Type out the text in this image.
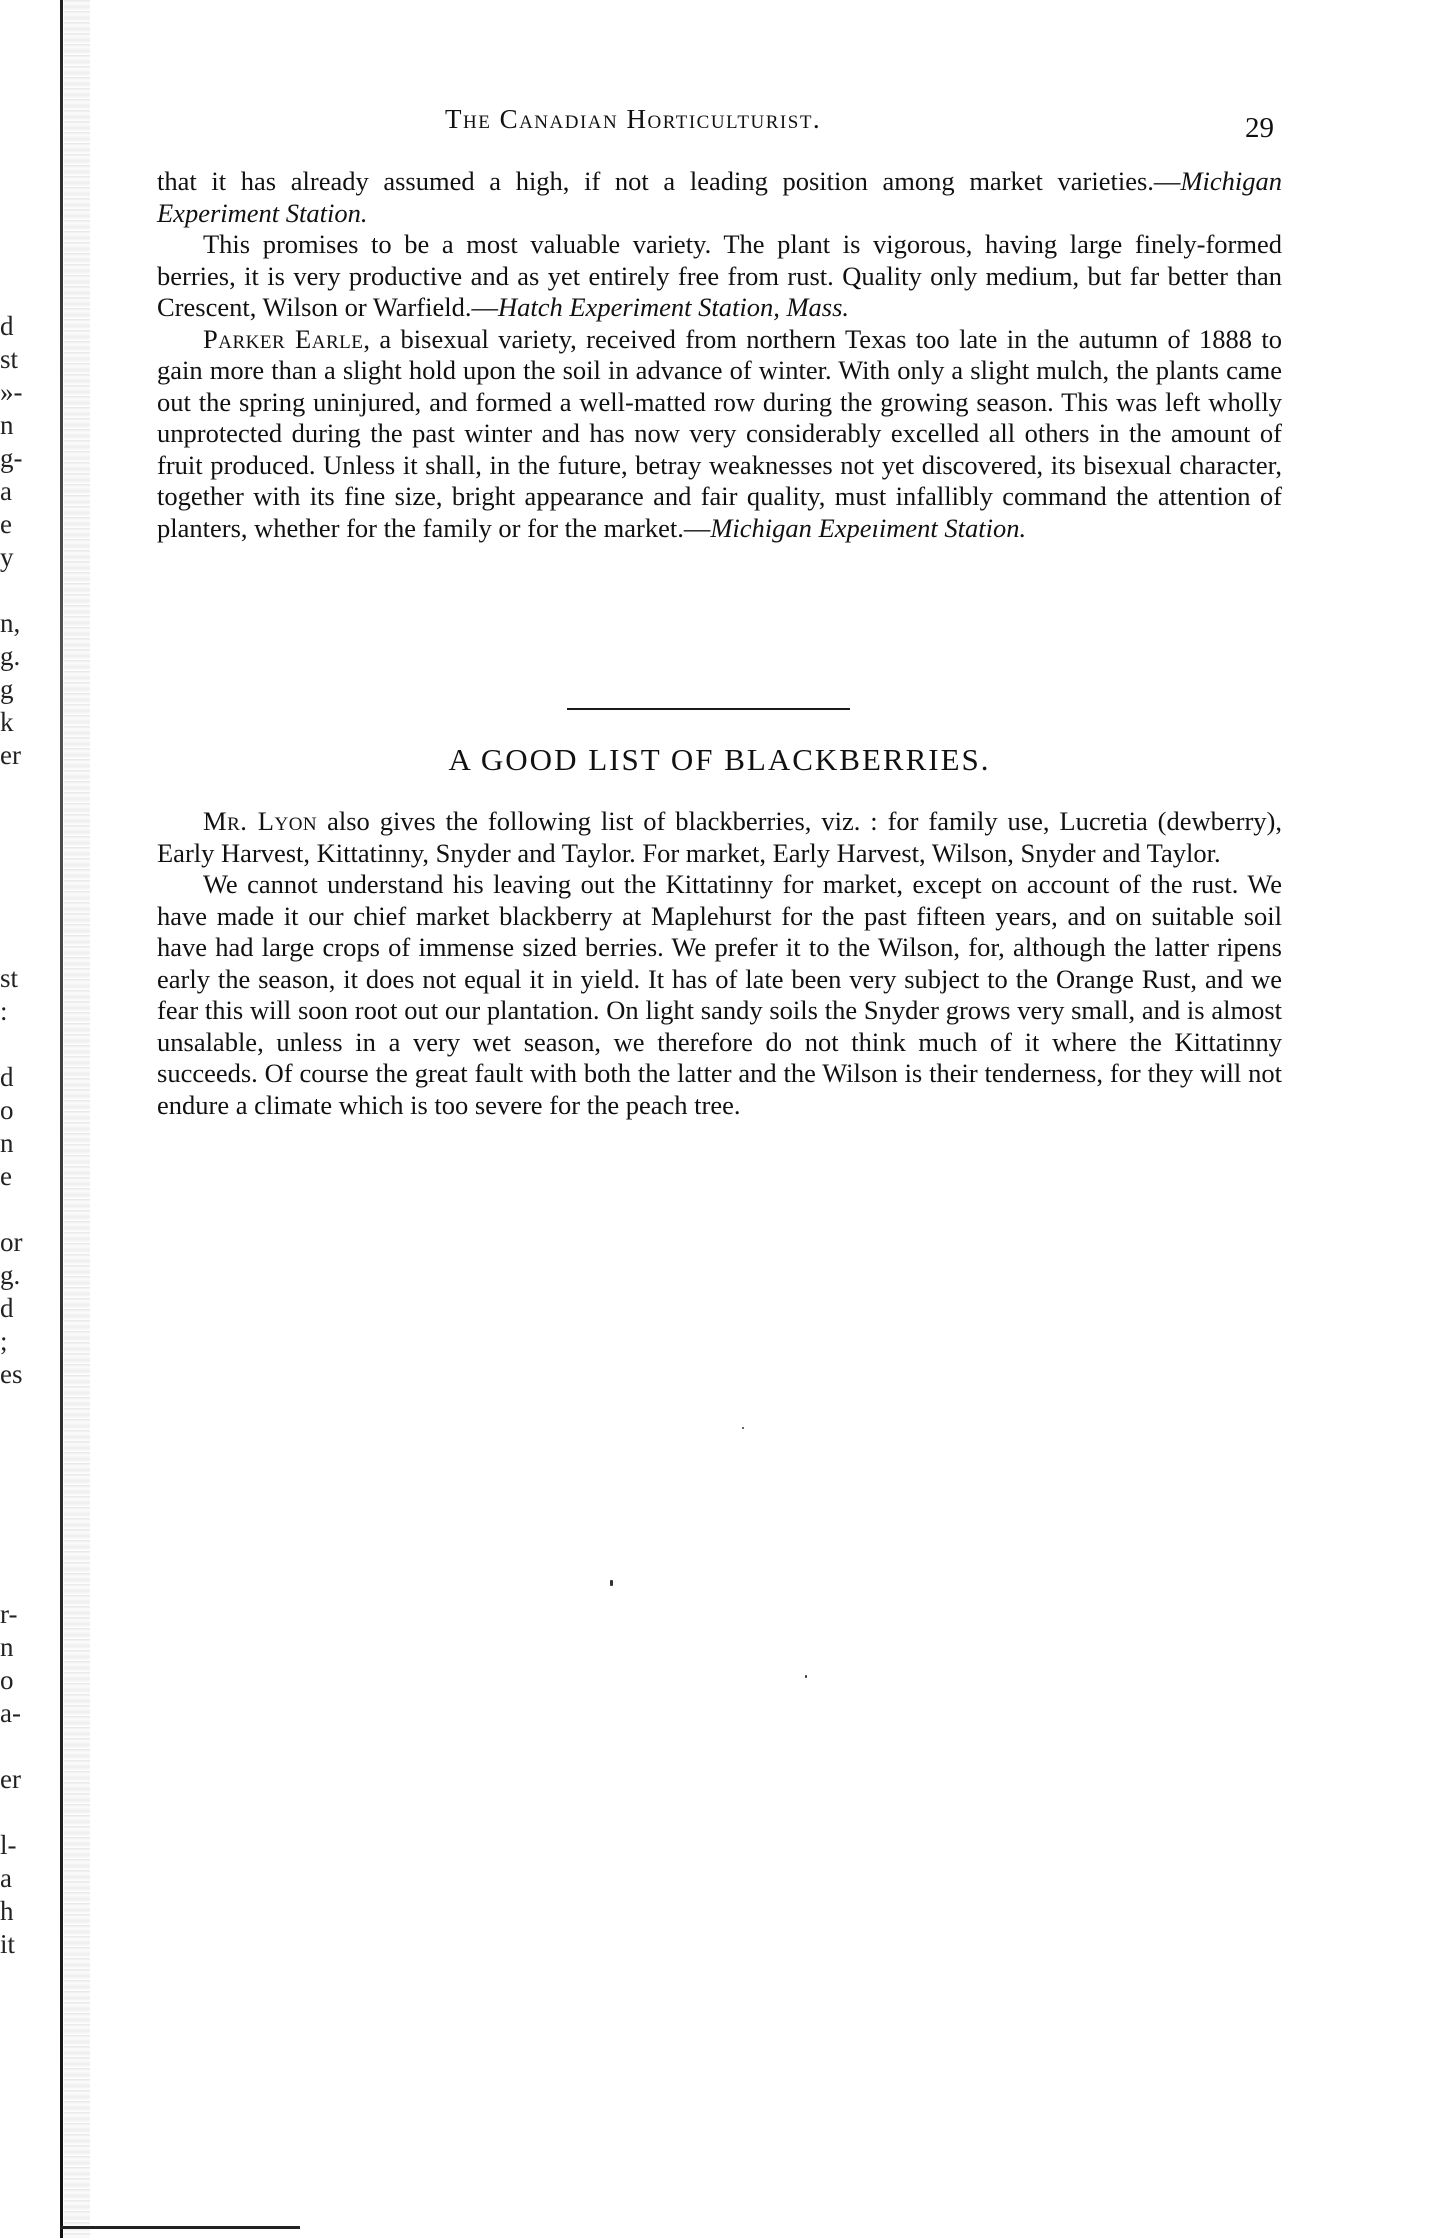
d
st
»-
n
g-
a
e
y
n,
g.
g
k
er
st
:
d
o
n
e
or
g.
d
;
es
r-
n
o
a-
er
l-
a
h
it
The Canadian Horticulturist.	29

that it has already assumed a high, if not a leading position among market varieties.—Michigan Experiment Station.

This promises to be a most valuable variety. The plant is vigorous, having large finely-formed berries, it is very productive and as yet entirely free from rust. Quality only medium, but far better than Crescent, Wilson or Warfield.—Hatch Experiment Station, Mass.

Parker Earle, a bisexual variety, received from northern Texas too late in the autumn of 1888 to gain more than a slight hold upon the soil in advance of winter. With only a slight mulch, the plants came out the spring uninjured, and formed a well-matted row during the growing season. This was left wholly unprotected during the past winter and has now very considerably excelled all others in the amount of fruit produced. Unless it shall, in the future, betray weaknesses not yet discovered, its bisexual character, together with its fine size, bright appearance and fair quality, must infallibly command the attention of planters, whether for the family or for the market.—Michigan Expeıiment Station.

A GOOD LIST OF BLACKBERRIES.

Mr. Lyon also gives the following list of blackberries, viz. : for family use, Lucretia (dewberry), Early Harvest, Kittatinny, Snyder and Taylor. For market, Early Harvest, Wilson, Snyder and Taylor.

We cannot understand his leaving out the Kittatinny for market, except on account of the rust. We have made it our chief market blackberry at Maplehurst for the past fifteen years, and on suitable soil have had large crops of immense sized berries. We prefer it to the Wilson, for, although the latter ripens early the season, it does not equal it in yield. It has of late been very subject to the Orange Rust, and we fear this will soon root out our plantation. On light sandy soils the Snyder grows very small, and is almost unsalable, unless in a very wet season, we therefore do not think much of it where the Kittatinny succeeds. Of course the great fault with both the latter and the Wilson is their tenderness, for they will not endure a climate which is too severe for the peach tree.
